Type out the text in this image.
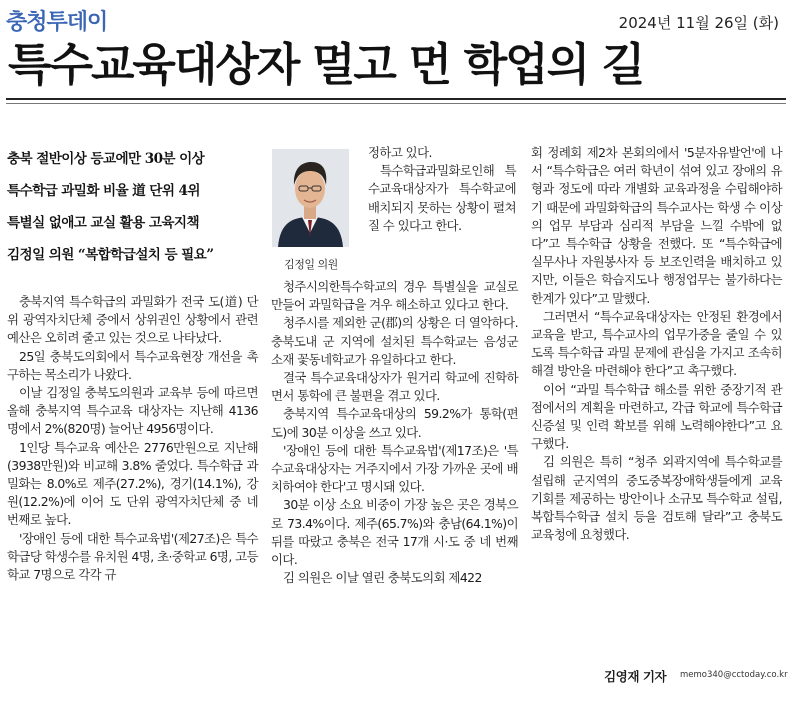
충청투데이	2024년 11월 26일 (화)
특수교육대상자 멀고 먼 학업의 길
충북 절반이상 등교에만 30분 이상
특수학급 과밀화 비율 道 단위 4위
특별실 없애고 교실 활용 고육지책
김정일 의원 “복합학급설치 등 필요”

충북지역 특수학급의 과밀화가 전국 도(道) 단위 광역자치단체 중에서 상위권인 상황에서 관련 예산은 오히려 줄고 있는 것으로 나타났다.

25일 충북도의회에서 특수교육현장 개선을 촉구하는 목소리가 나왔다.

이날 김정일 충북도의원과 교육부 등에 따르면 올해 충북지역 특수교육 대상자는 지난해 4136명에서 2%(820명) 늘어난 4956명이다.

1인당 특수교육 예산은 2776만원으로 지난해(3938만원)와 비교해 3.8% 줄었다. 특수학급 과밀화는 8.0%로 제주(27.2%), 경기(14.1%), 강원(12.2%)에 이어 도 단위 광역자치단체 중 네 번째로 높다.

'장애인 등에 대한 특수교육법'(제27조)은 특수학급당 학생수를 유치원 4명, 초·중학교 6명, 고등학교 7명으로 각각 규

김정일 의원

정하고 있다.

특수학급과밀화로인해 특수교육대상자가 특수학교에 배치되지 못하는 상황이 펼쳐질 수 있다고 한다.

청주시의한특수학교의 경우 특별실을 교실로 만들어 과밀학급을 겨우 해소하고 있다고 한다.

청주시를 제외한 군(郡)의 상황은 더 열악하다. 충북도내 군 지역에 설치된 특수학교는 음성군 소재 꽃동네학교가 유일하다고 한다.

결국 특수교육대상자가 원거리 학교에 진학하면서 통학에 큰 불편을 겪고 있다.

충북지역 특수교육대상의 59.2%가 통학(편도)에 30분 이상을 쓰고 있다.

'장애인 등에 대한 특수교육법'(제17조)은 '특수교육대상자는 거주지에서 가장 가까운 곳에 배치하여야 한다'고 명시돼 있다.

30분 이상 소요 비중이 가장 높은 곳은 경북으로 73.4%이다. 제주(65.7%)와 충남(64.1%)이 뒤를 따랐고 충북은 전국 17개 시·도 중 네 번째이다.

김 의원은 이날 열린 충북도의회 제422

회 정례회 제2차 본회의에서 '5분자유발언'에 나서 “특수학급은 여러 학년이 섞여 있고 장애의 유형과 정도에 따라 개별화 교육과정을 수립해야하기 때문에 과밀화학급의 특수교사는 학생 수 이상의 업무 부담과 심리적 부담을 느낄 수밖에 없다”고 특수학급 상황을 전했다. 또 “특수학급에 실무사나 자원봉사자 등 보조인력을 배치하고 있지만, 이들은 학습지도나 행정업무는 불가하다는 한계가 있다”고 말했다.

그러면서 “특수교육대상자는 안정된 환경에서 교육을 받고, 특수교사의 업무가중을 줄일 수 있도록 특수학급 과밀 문제에 관심을 가지고 조속히 해결 방안을 마련해야 한다”고 촉구했다.

이어 “과밀 특수학급 해소를 위한 중장기적 관점에서의 계획을 마련하고, 각급 학교에 특수학급 신증설 및 인력 확보를 위해 노력해야한다”고 요구했다.

김 의원은 특히 “청주 외곽지역에 특수학교를 설립해 군지역의 중도중복장애학생들에게 교육 기회를 제공하는 방안이나 소규모 특수학교 설립, 복합특수학급 설치 등을 검토해 달라”고 충북도교육청에 요청했다.

김영재 기자 memo340@cctoday.co.kr
